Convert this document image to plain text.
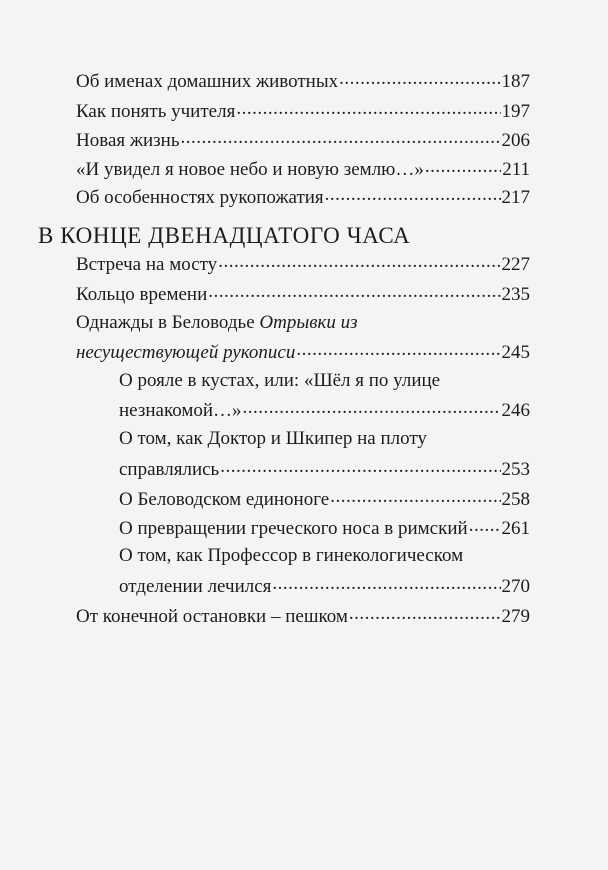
Об именах домашних животных .....	187
Как понять учителя .....	197
Новая жизнь .....	206
«И увидел я новое небо и новую землю…» .....	211
Об особенностях рукопожатия .....	217
В КОНЦЕ ДВЕНАДЦАТОГО ЧАСА
Встреча на мосту .....	227
Кольцо времени .....	235
Однажды в Беловодье Отрывки из
несуществующей рукописи .....	245
О рояле в кустах, или: «Шёл я по улице
незнакомой…» .....	246
О том, как Доктор и Шкипер на плоту
справлялись .....	253
О Беловодском единоноге .....	258
О превращении греческого носа в римский ..... 261
О том, как Профессор в гинекологическом
отделении лечился .....	270
От конечной остановки – пешком .....	279
